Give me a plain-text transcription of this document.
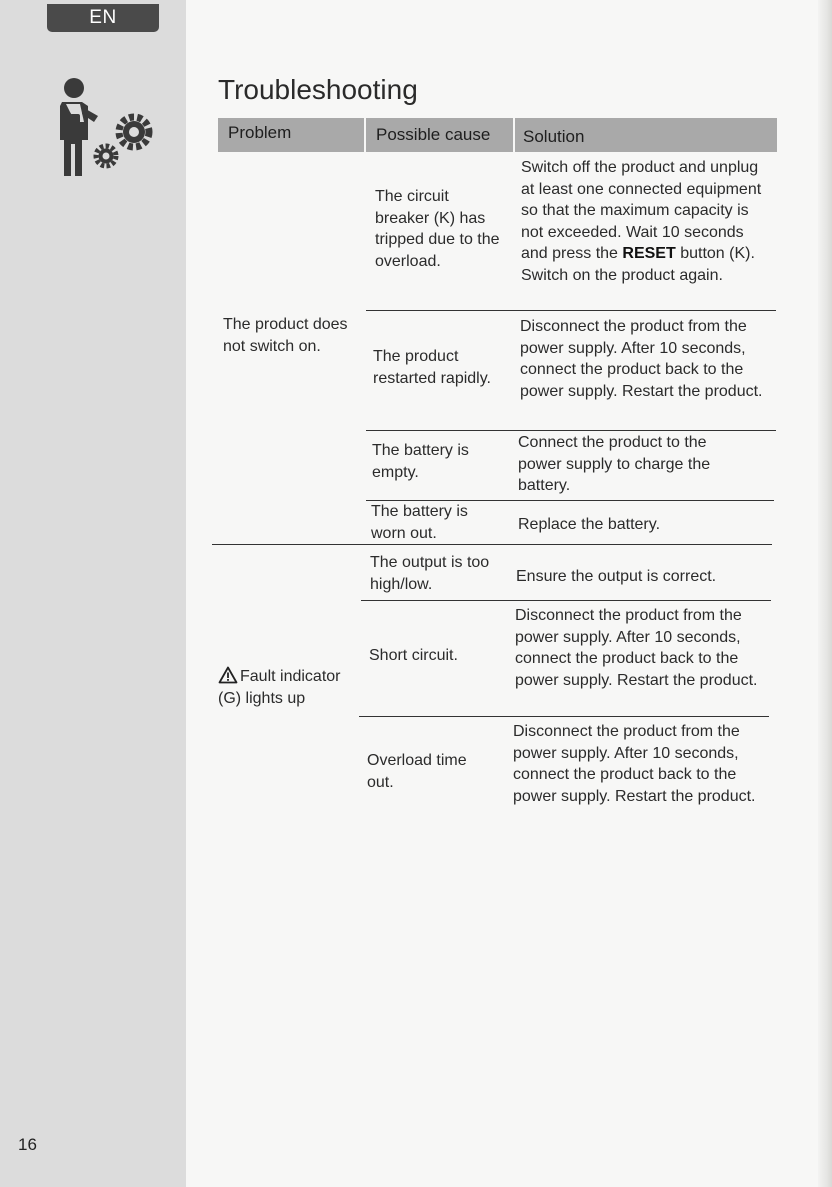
EN
16
Troubleshooting
Problem	Possible cause Solution
The product does not switch on.
The circuit breaker (K) has tripped due to the overload.
Switch off the product and unplug at least one connected equipment so that the maximum capacity is not exceeded. Wait 10 seconds and press the RESET button (K). Switch on the product again.
The product restarted rapidly.
Disconnect the product from the power supply. After 10 seconds, connect the product back to the power supply. Restart the product.
The battery is empty.
Connect the product to the power supply to charge the battery.
The battery is worn out.
Replace the battery.
Fault indicator (G) lights up
The output is too high/low.	Ensure the output is correct.
Short circuit.
Disconnect the product from the power supply. After 10 seconds, connect the product back to the power supply. Restart the product.
Overload time out.
Disconnect the product from the power supply. After 10 seconds, connect the product back to the power supply. Restart the product.
